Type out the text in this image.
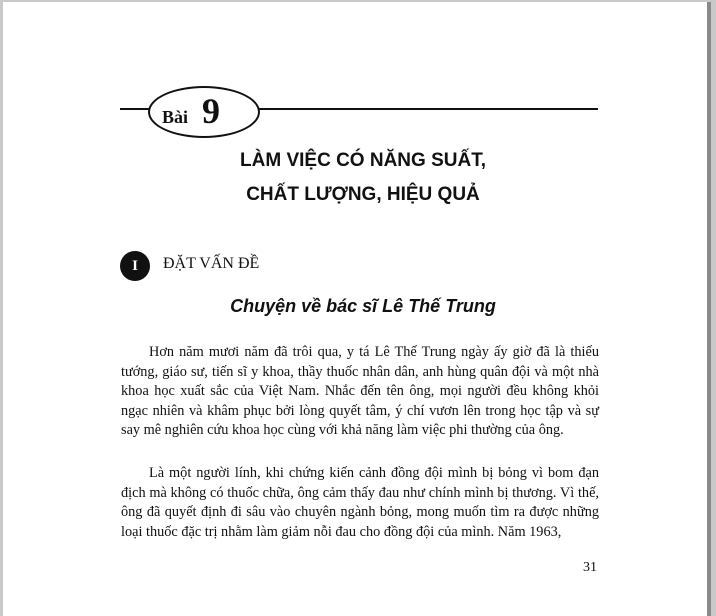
Bài 9
LÀM VIỆC CÓ NĂNG SUẤT,
CHẤT LƯỢNG, HIỆU QUẢ
I	ĐẶT VẤN ĐỀ
Chuyện về bác sĩ Lê Thế Trung

Hơn năm mươi năm đã trôi qua, y tá Lê Thế Trung ngày ấy giờ đã là thiếu tướng, giáo sư, tiến sĩ y khoa, thầy thuốc nhân dân, anh hùng quân đội và một nhà khoa học xuất sắc của Việt Nam. Nhắc đến tên ông, mọi người đều không khỏi ngạc nhiên và khâm phục bởi lòng quyết tâm, ý chí vươn lên trong học tập và sự say mê nghiên cứu khoa học cùng với khả năng làm việc phi thường của ông.

Là một người lính, khi chứng kiến cảnh đồng đội mình bị bỏng vì bom đạn địch mà không có thuốc chữa, ông cảm thấy đau như chính mình bị thương. Vì thế, ông đã quyết định đi sâu vào chuyên ngành bỏng, mong muốn tìm ra được những loại thuốc đặc trị nhằm làm giảm nỗi đau cho đồng đội của mình. Năm 1963,

31
